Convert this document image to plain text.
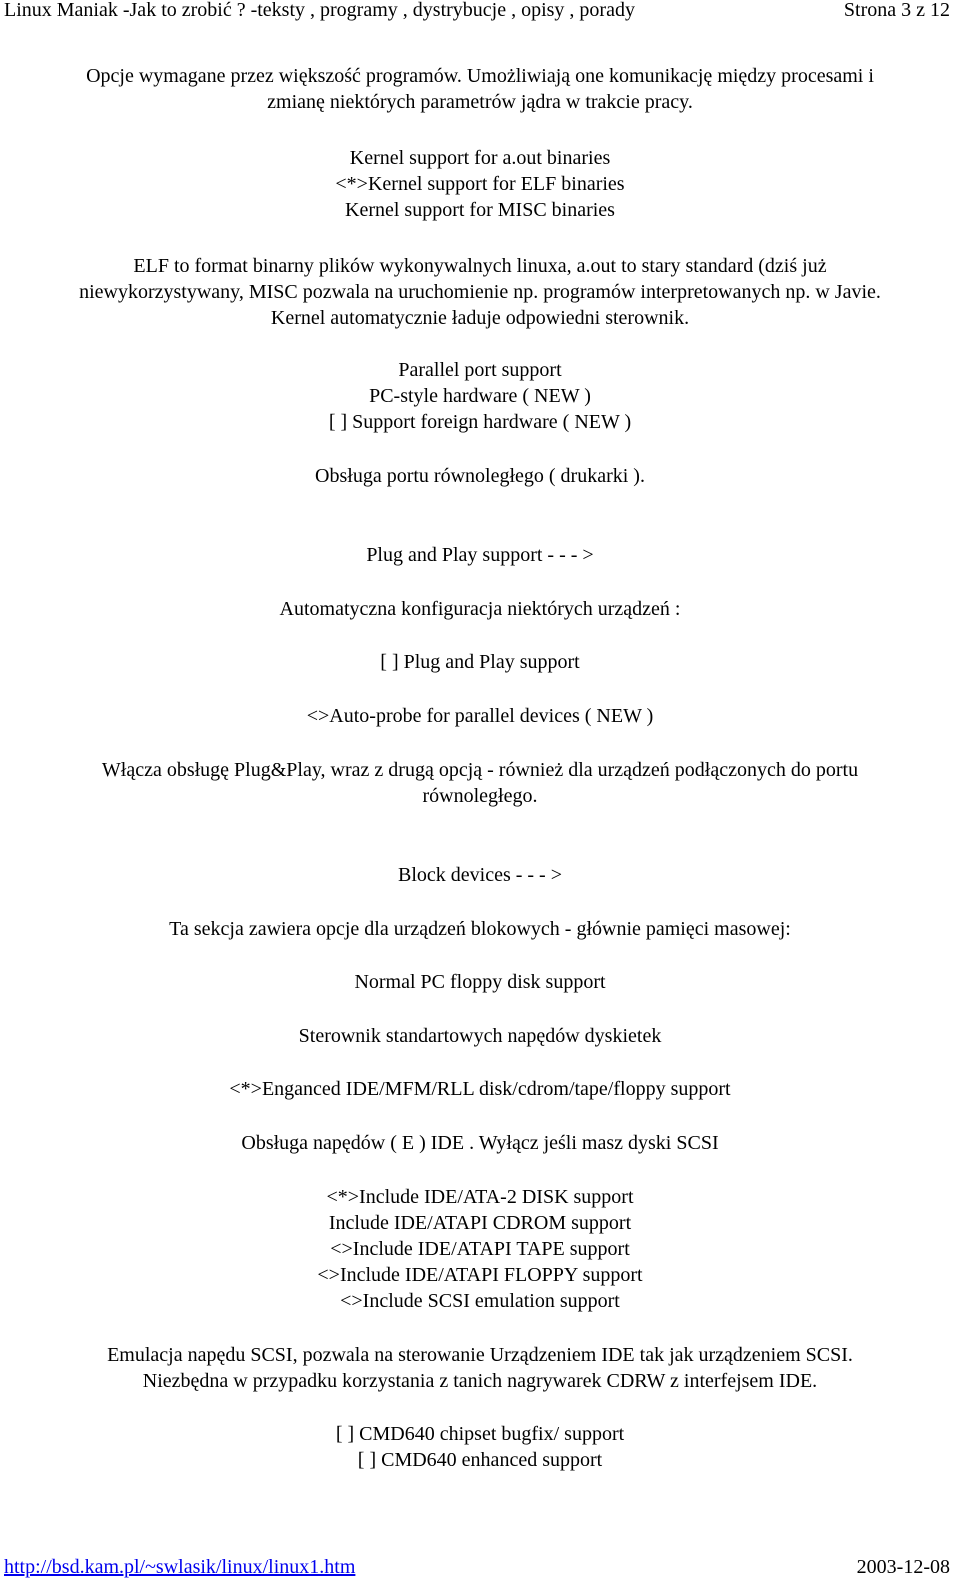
Linux Maniak -Jak to zrobić ? -teksty , programy , dystrybucje , opisy , porady	Strona 3 z 12
Opcje wymagane przez większość programów. Umożliwiają one komunikację między procesami i
zmianę niektórych parametrów jądra w trakcie pracy.
Kernel support for a.out binaries
<*>Kernel support for ELF binaries
Kernel support for MISC binaries
ELF to format binarny plików wykonywalnych linuxa, a.out to stary standard (dziś już
niewykorzystywany, MISC pozwala na uruchomienie np. programów interpretowanych np. w Javie.
Kernel automatycznie ładuje odpowiedni sterownik.
Parallel port support
PC-style hardware ( NEW )
[ ] Support foreign hardware ( NEW )
Obsługa portu równoległego ( drukarki ).
Plug and Play support - - - >
Automatyczna konfiguracja niektórych urządzeń :
[ ] Plug and Play support
<>Auto-probe for parallel devices ( NEW )
Włącza obsługę Plug&Play, wraz z drugą opcją - również dla urządzeń podłączonych do portu
równoległego.
Block devices - - - >
Ta sekcja zawiera opcje dla urządzeń blokowych - głównie pamięci masowej:
Normal PC floppy disk support
Sterownik standartowych napędów dyskietek
<*>Enganced IDE/MFM/RLL disk/cdrom/tape/floppy support
Obsługa napędów ( E ) IDE . Wyłącz jeśli masz dyski SCSI
<*>Include IDE/ATA-2 DISK support
Include IDE/ATAPI CDROM support
<>Include IDE/ATAPI TAPE support
<>Include IDE/ATAPI FLOPPY support
<>Include SCSI emulation support
Emulacja napędu SCSI, pozwala na sterowanie Urządzeniem IDE tak jak urządzeniem SCSI.
Niezbędna w przypadku korzystania z tanich nagrywarek CDRW z interfejsem IDE.
[ ] CMD640 chipset bugfix/ support
[ ] CMD640 enhanced support
http://bsd.kam.pl/~swlasik/linux/linux1.htm	2003-12-08
